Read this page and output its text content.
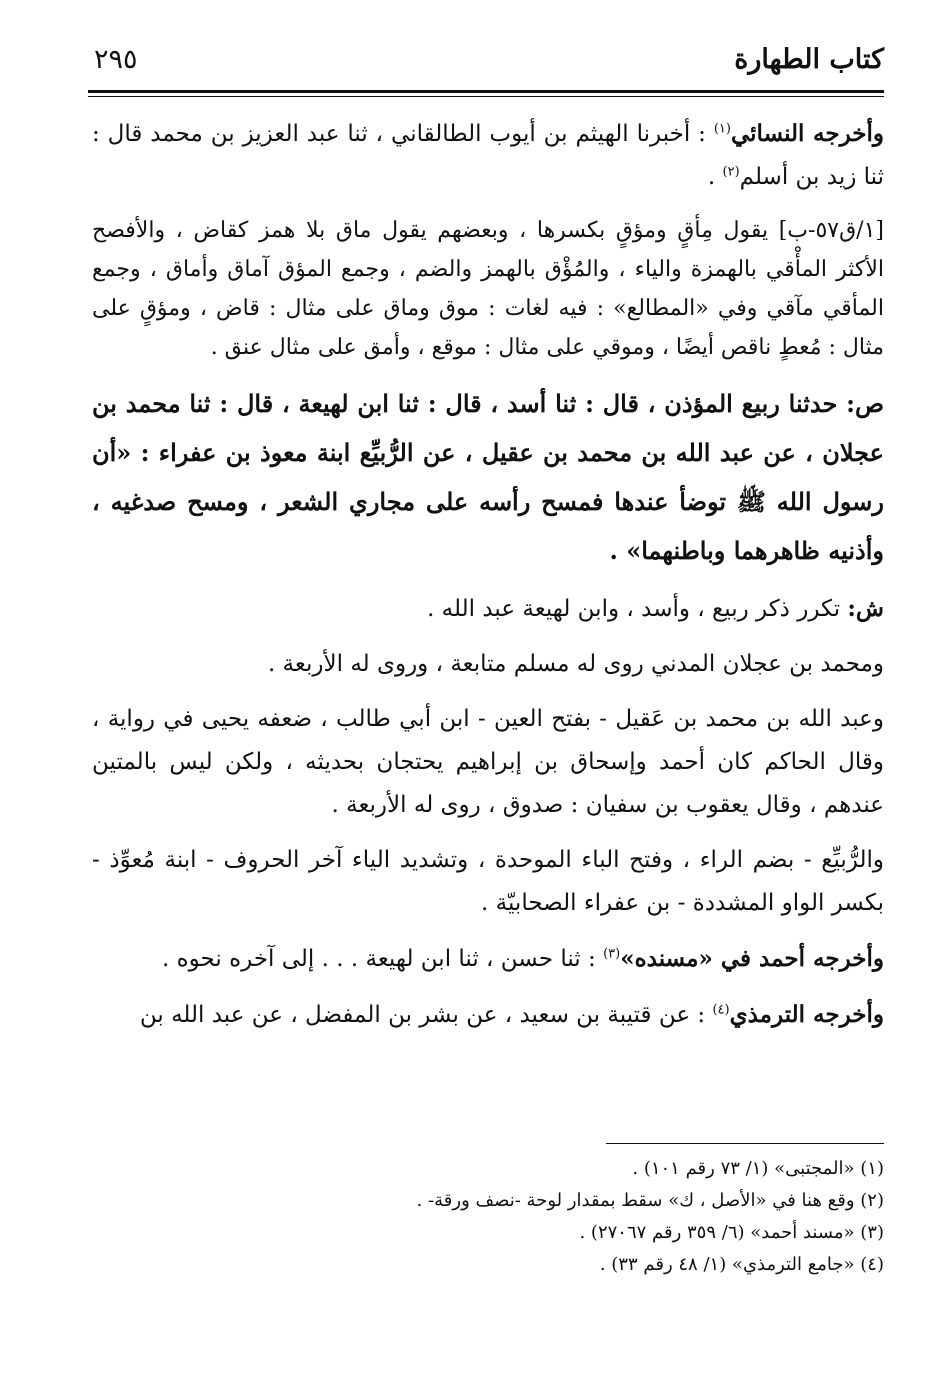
كتاب الطهارة
٢٩٥

وأخرجه النسائي$^{(١)}$ : أخبرنا الهيثم بن أيوب الطالقاني ، ثنا عبد العزيز بن محمد قال : ثنا زيد بن أسلم$^{(٢)}$ .

[١/ق٥٧-ب] يقول مِأقٍ ومؤقٍ بكسرها ، وبعضهم يقول ماق بلا همز كقاض ، والأفصح الأكثر المأْقي بالهمزة والياء ، والمُؤْق بالهمز والضم ، وجمع المؤق آماق وأماق ، وجمع المأقي مآقي وفي «المطالع» : فيه لغات : موق وماق على مثال : قاض ، ومؤقٍ على مثال : مُعطٍ ناقص أيضًا ، وموقي على مثال : موقع ، وأمق على مثال عنق .

ص: حدثنا ربيع المؤذن ، قال : ثنا أسد ، قال : ثنا ابن لهيعة ، قال : ثنا محمد بن عجلان ، عن عبد الله بن محمد بن عقيل ، عن الرُّبيِّع ابنة معوذ بن عفراء : «أن رسول الله ﷺ توضأ عندها فمسح رأسه على مجاري الشعر ، ومسح صدغيه ، وأذنيه ظاهرهما وباطنهما» .

ش: تكرر ذكر ربيع ، وأسد ، وابن لهيعة عبد الله .

ومحمد بن عجلان المدني روى له مسلم متابعة ، وروى له الأربعة .

وعبد الله بن محمد بن عَقيل - بفتح العين - ابن أبي طالب ، ضعفه يحيى في رواية ، وقال الحاكم كان أحمد وإسحاق بن إبراهيم يحتجان بحديثه ، ولكن ليس بالمتين عندهم ، وقال يعقوب بن سفيان : صدوق ، روى له الأربعة .

والرُّبيِّع - بضم الراء ، وفتح الباء الموحدة ، وتشديد الياء آخر الحروف - ابنة مُعوِّذ - بكسر الواو المشددة - بن عفراء الصحابيّة .

وأخرجه أحمد في «مسنده»$^{(٣)}$ : ثنا حسن ، ثنا ابن لهيعة . . . إلى آخره نحوه .

وأخرجه الترمذي$^{(٤)}$ : عن قتيبة بن سعيد ، عن بشر بن المفضل ، عن عبد الله بن

(١) «المجتبى» (١/ ٧٣ رقم ١٠١) .

(٢) وقع هنا في «الأصل ، ك» سقط بمقدار لوحة -نصف ورقة- .

(٣) «مسند أحمد» (٦/ ٣٥٩ رقم ٢٧٠٦٧) .

(٤) «جامع الترمذي» (١/ ٤٨ رقم ٣٣) .
